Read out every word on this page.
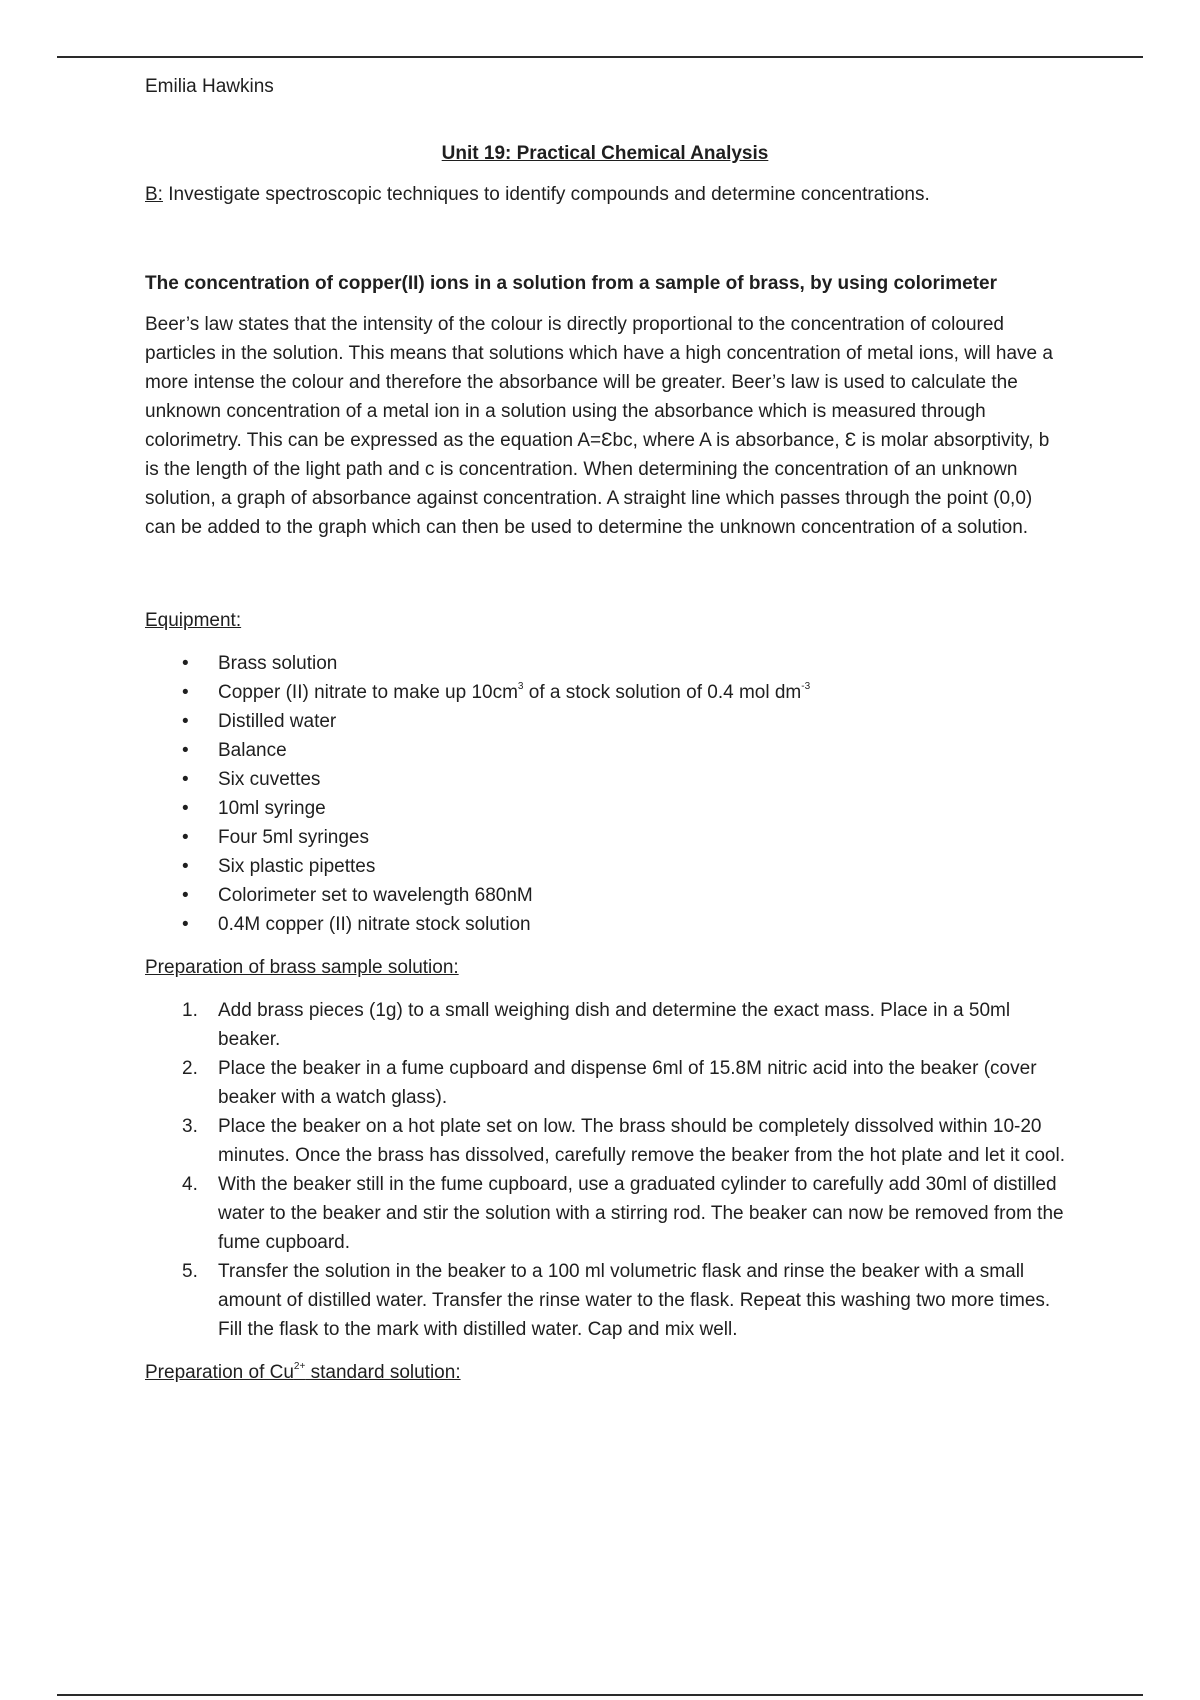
Emilia Hawkins
Unit 19: Practical Chemical Analysis
B: Investigate spectroscopic techniques to identify compounds and determine concentrations.
The concentration of copper(II) ions in a solution from a sample of brass, by using colorimeter
Beer’s law states that the intensity of the colour is directly proportional to the concentration of coloured particles in the solution. This means that solutions which have a high concentration of metal ions, will have a more intense the colour and therefore the absorbance will be greater. Beer’s law is used to calculate the unknown concentration of a metal ion in a solution using the absorbance which is measured through colorimetry. This can be expressed as the equation A=Ɛbc, where A is absorbance, Ɛ is molar absorptivity, b is the length of the light path and c is concentration. When determining the concentration of an unknown solution, a graph of absorbance against concentration. A straight line which passes through the point (0,0) can be added to the graph which can then be used to determine the unknown concentration of a solution.
Equipment:
• Brass solution
• Copper (II) nitrate to make up $10cm^3$ of a stock solution of 0.4 mol $dm^{-3}$
• Distilled water
• Balance
• Six cuvettes
• 10ml syringe
• Four 5ml syringes
• Six plastic pipettes
• Colorimeter set to wavelength 680nM
• 0.4M copper (II) nitrate stock solution
Preparation of brass sample solution:
1. Add brass pieces (1g) to a small weighing dish and determine the exact mass. Place in a 50ml beaker.
2. Place the beaker in a fume cupboard and dispense 6ml of 15.8M nitric acid into the beaker (cover beaker with a watch glass).
3. Place the beaker on a hot plate set on low. The brass should be completely dissolved within 10-20 minutes. Once the brass has dissolved, carefully remove the beaker from the hot plate and let it cool.
4. With the beaker still in the fume cupboard, use a graduated cylinder to carefully add 30ml of distilled water to the beaker and stir the solution with a stirring rod. The beaker can now be removed from the fume cupboard.
5. Transfer the solution in the beaker to a 100 ml volumetric flask and rinse the beaker with a small amount of distilled water. Transfer the rinse water to the flask. Repeat this washing two more times. Fill the flask to the mark with distilled water. Cap and mix well.
Preparation of $Cu^{2+}$ standard solution:
